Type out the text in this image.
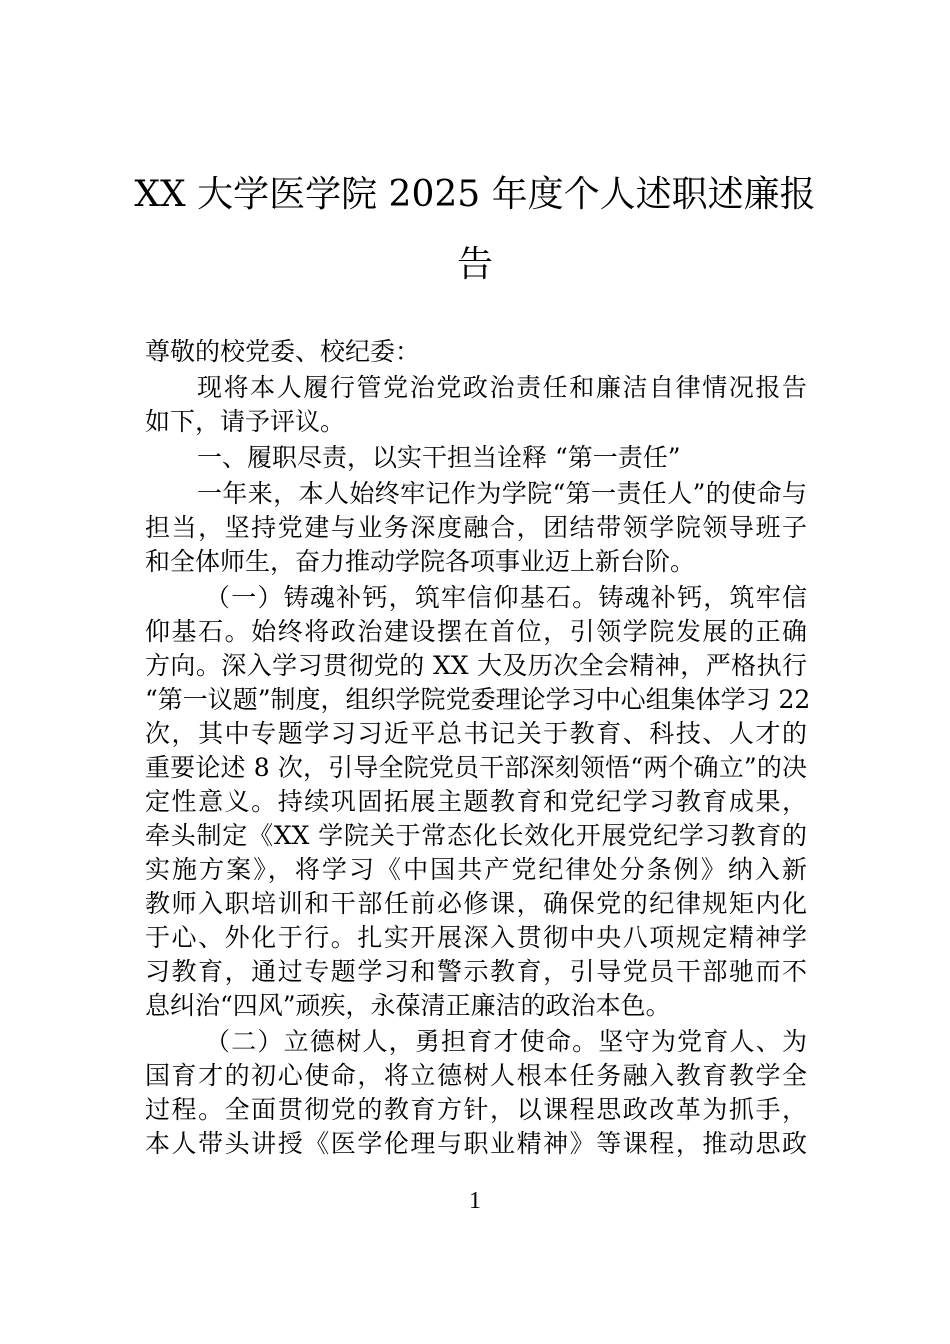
XX 大学医学院 2025 年度个人述职述廉报
告
尊敬的校党委、校纪委：
现将本人履行管党治党政治责任和廉洁自律情况报告
如下，请予评议。
一、履职尽责，以实干担当诠释 “第一责任”
一年来，本人始终牢记作为学院“第一责任人”的使命与
担当，坚持党建与业务深度融合，团结带领学院领导班子
和全体师生，奋力推动学院各项事业迈上新台阶。
（一）铸魂补钙，筑牢信仰基石。铸魂补钙，筑牢信
仰基石。始终将政治建设摆在首位，引领学院发展的正确
方向。深入学习贯彻党的 XX 大及历次全会精神，严格执行
“第一议题”制度，组织学院党委理论学习中心组集体学习 22
次，其中专题学习习近平总书记关于教育、科技、人才的
重要论述 8 次，引导全院党员干部深刻领悟“两个确立”的决
定性意义。持续巩固拓展主题教育和党纪学习教育成果，
牵头制定《XX 学院关于常态化长效化开展党纪学习教育的
实施方案》，将学习《中国共产党纪律处分条例》纳入新
教师入职培训和干部任前必修课，确保党的纪律规矩内化
于心、外化于行。扎实开展深入贯彻中央八项规定精神学
习教育，通过专题学习和警示教育，引导党员干部驰而不
息纠治“四风”顽疾，永葆清正廉洁的政治本色。
（二）立德树人，勇担育才使命。坚守为党育人、为
国育才的初心使命，将立德树人根本任务融入教育教学全
过程。全面贯彻党的教育方针，以课程思政改革为抓手，
本人带头讲授《医学伦理与职业精神》等课程，推动思政
1
